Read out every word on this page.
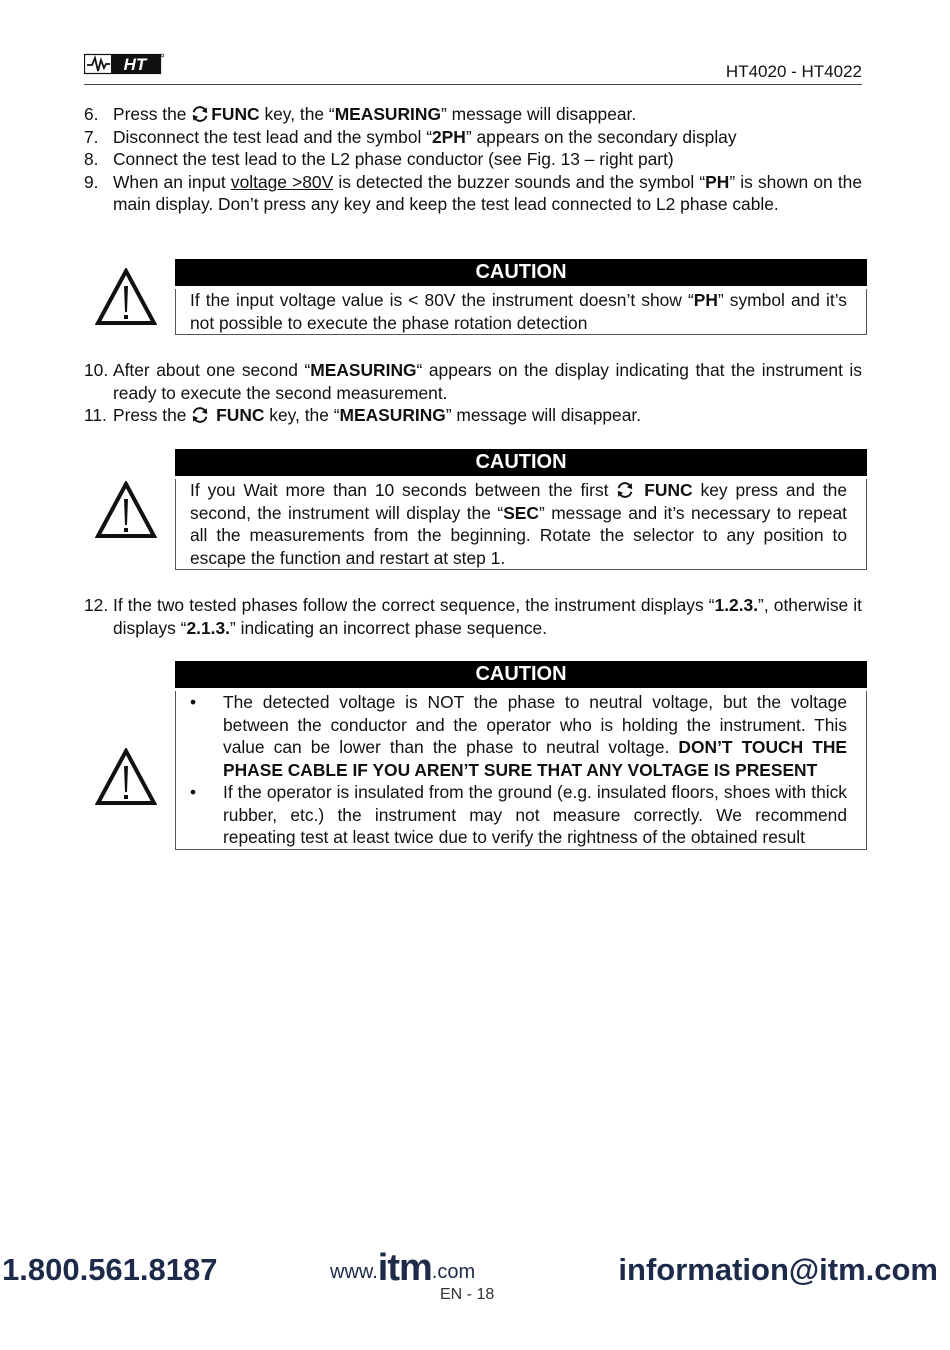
HT	HT4020 - HT4022
6. Press the FUNC key, the “MEASURING” message will disappear.
7. Disconnect the test lead and the symbol “2PH” appears on the secondary display
8. Connect the test lead to the L2 phase conductor (see Fig. 13 – right part)
9. When an input voltage >80V is detected the buzzer sounds and the symbol “PH” is shown on the main display. Don’t press any key and keep the test lead connected to L2 phase cable.
CAUTION
If the input voltage value is < 80V the instrument doesn’t show “PH” symbol and it’s not possible to execute the phase rotation detection
10. After about one second “MEASURING“ appears on the display indicating that the instrument is ready to execute the second measurement.
11. Press the  FUNC key, the “MEASURING” message will disappear.
CAUTION
If you Wait more than 10 seconds between the first  FUNC key press and the second, the instrument will display the “SEC” message and it’s necessary to repeat all the measurements from the beginning. Rotate the selector to any position to escape the function and restart at step 1.
12. If the two tested phases follow the correct sequence, the instrument displays “1.2.3.”, otherwise it displays “2.1.3.” indicating an incorrect phase sequence.
CAUTION
•	The detected voltage is NOT the phase to neutral voltage, but the voltage between the conductor and the operator who is holding the instrument. This value can be lower than the phase to neutral voltage. DON’T TOUCH THE PHASE CABLE IF YOU AREN’T SURE THAT ANY VOLTAGE IS PRESENT
•	If the operator is insulated from the ground (e.g. insulated floors, shoes with thick rubber, etc.) the instrument may not measure correctly. We recommend repeating test at least twice due to verify the rightness of the obtained result
1.800.561.8187	www. itm .com	information@itm.com
EN - 18
